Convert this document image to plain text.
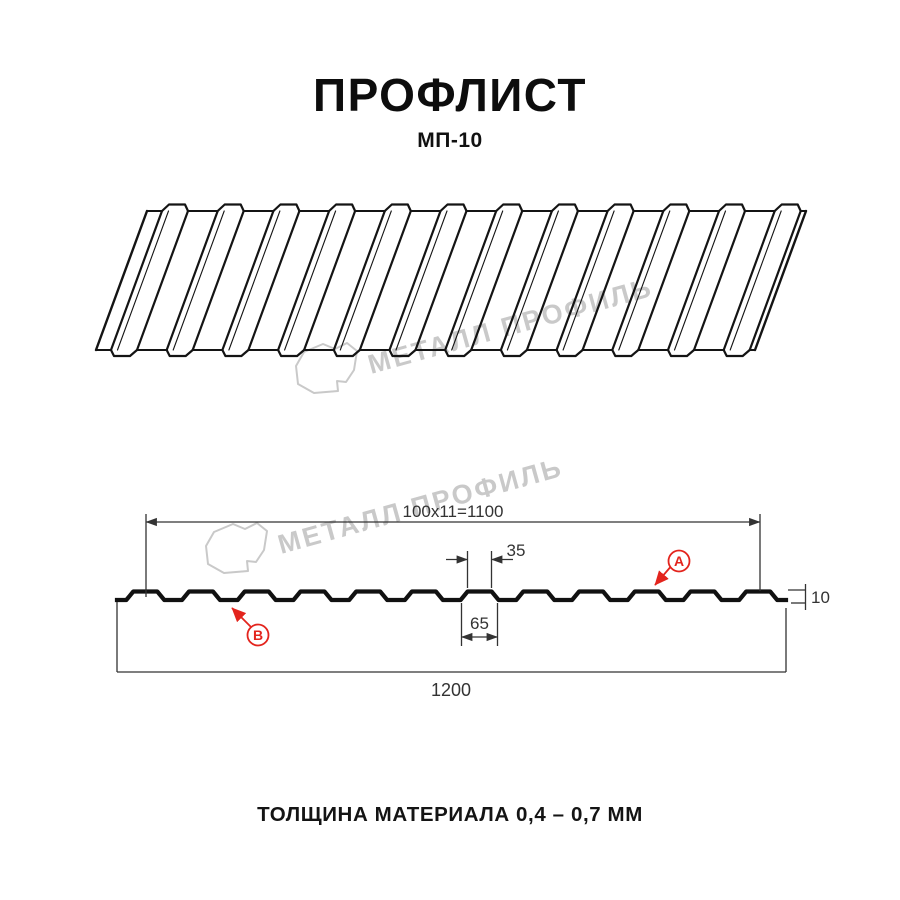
МЕТАЛЛ ПРОФИЛЬ
100x11=1100
35
65
10
1200
A
B
ПРОФЛИСТ
МП-10
ТОЛЩИНА МАТЕРИАЛА 0,4 – 0,7 ММ
